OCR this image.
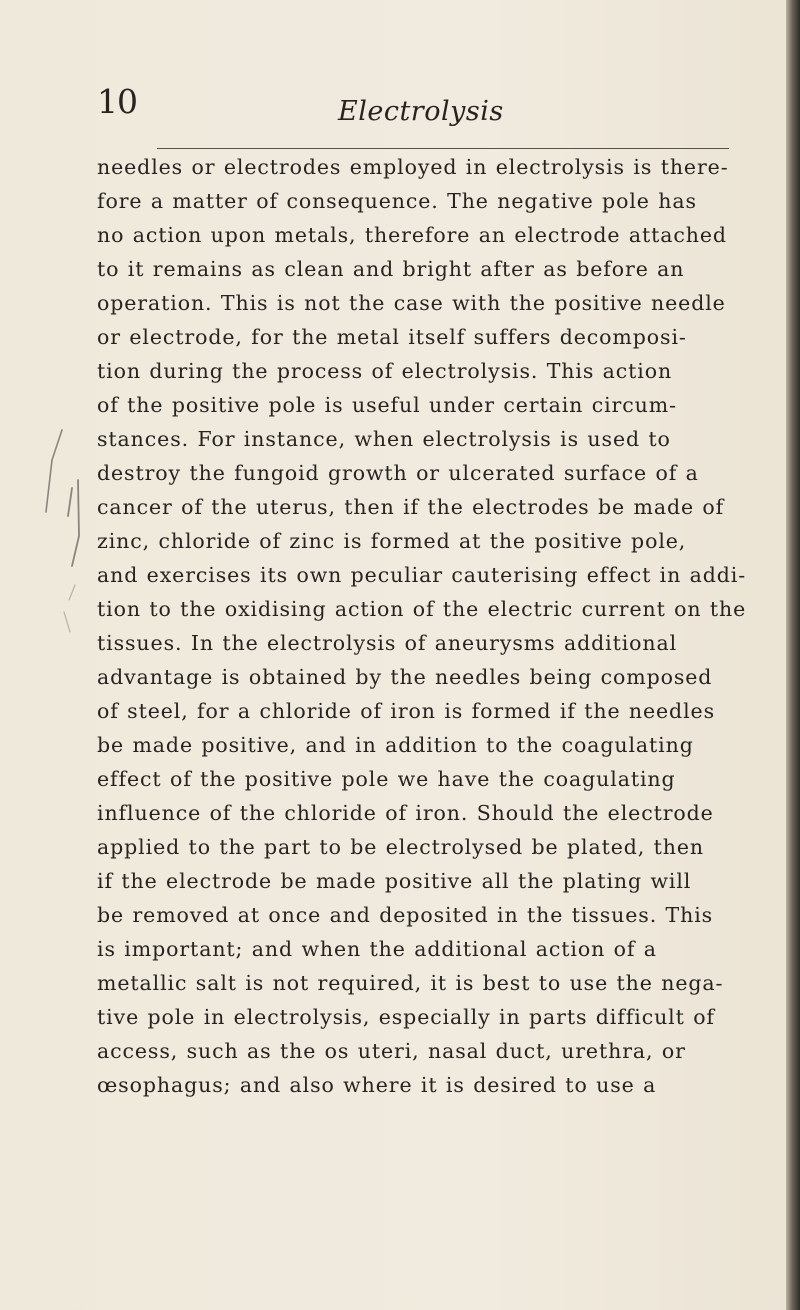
10	Electrolysis

needles or electrodes employed in electrolysis is there-
fore a matter of consequence. The negative pole has
no action upon metals, therefore an electrode attached
to it remains as clean and bright after as before an
operation. This is not the case with the positive needle
or electrode, for the metal itself suffers decomposi-
tion during the process of electrolysis. This action
of the positive pole is useful under certain circum-
stances. For instance, when electrolysis is used to
destroy the fungoid growth or ulcerated surface of a
cancer of the uterus, then if the electrodes be made of
zinc, chloride of zinc is formed at the positive pole,
and exercises its own peculiar cauterising effect in addi-
tion to the oxidising action of the electric current on the
tissues. In the electrolysis of aneurysms additional
advantage is obtained by the needles being composed
of steel, for a chloride of iron is formed if the needles
be made positive, and in addition to the coagulating
effect of the positive pole we have the coagulating
influence of the chloride of iron. Should the electrode
applied to the part to be electrolysed be plated, then
if the electrode be made positive all the plating will
be removed at once and deposited in the tissues. This
is important; and when the additional action of a
metallic salt is not required, it is best to use the nega-
tive pole in electrolysis, especially in parts difficult of
access, such as the os uteri, nasal duct, urethra, or
œsophagus; and also where it is desired to use a
